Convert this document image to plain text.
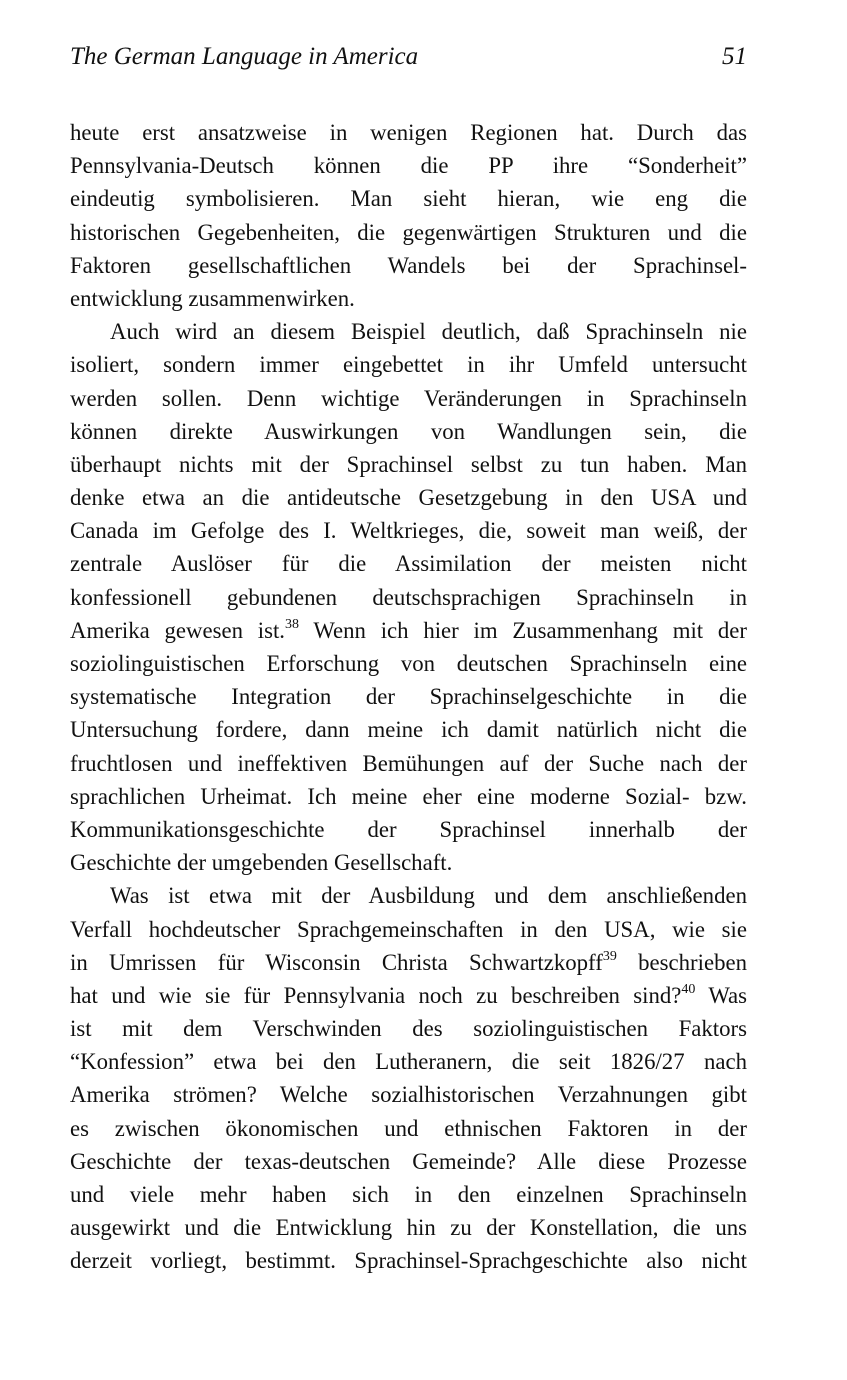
The German Language in America	51
heute erst ansatzweise in wenigen Regionen hat. Durch das
Pennsylvania-Deutsch können die PP ihre “Sonderheit”
eindeutig symbolisieren. Man sieht hieran, wie eng die
historischen Gegebenheiten, die gegenwärtigen Strukturen und die
Faktoren gesellschaftlichen Wandels bei der Sprachinsel-
entwicklung zusammenwirken.
Auch wird an diesem Beispiel deutlich, daß Sprachinseln nie
isoliert, sondern immer eingebettet in ihr Umfeld untersucht
werden sollen. Denn wichtige Veränderungen in Sprachinseln
können direkte Auswirkungen von Wandlungen sein, die
überhaupt nichts mit der Sprachinsel selbst zu tun haben. Man
denke etwa an die antideutsche Gesetzgebung in den USA und
Canada im Gefolge des I. Weltkrieges, die, soweit man weiß, der
zentrale Auslöser für die Assimilation der meisten nicht
konfessionell gebundenen deutschsprachigen Sprachinseln in
Amerika gewesen ist.$^{38}$ Wenn ich hier im Zusammenhang mit der
soziolinguistischen Erforschung von deutschen Sprachinseln eine
systematische Integration der Sprachinselgeschichte in die
Untersuchung fordere, dann meine ich damit natürlich nicht die
fruchtlosen und ineffektiven Bemühungen auf der Suche nach der
sprachlichen Urheimat. Ich meine eher eine moderne Sozial- bzw.
Kommunikationsgeschichte der Sprachinsel innerhalb der
Geschichte der umgebenden Gesellschaft.
Was ist etwa mit der Ausbildung und dem anschließenden
Verfall hochdeutscher Sprachgemeinschaften in den USA, wie sie
in Umrissen für Wisconsin Christa Schwartzkopff$^{39}$ beschrieben
hat und wie sie für Pennsylvania noch zu beschreiben sind?$^{40}$ Was
ist mit dem Verschwinden des soziolinguistischen Faktors
“Konfession” etwa bei den Lutheranern, die seit 1826/27 nach
Amerika strömen? Welche sozialhistorischen Verzahnungen gibt
es zwischen ökonomischen und ethnischen Faktoren in der
Geschichte der texas-deutschen Gemeinde? Alle diese Prozesse
und viele mehr haben sich in den einzelnen Sprachinseln
ausgewirkt und die Entwicklung hin zu der Konstellation, die uns
derzeit vorliegt, bestimmt. Sprachinsel-Sprachgeschichte also nicht
